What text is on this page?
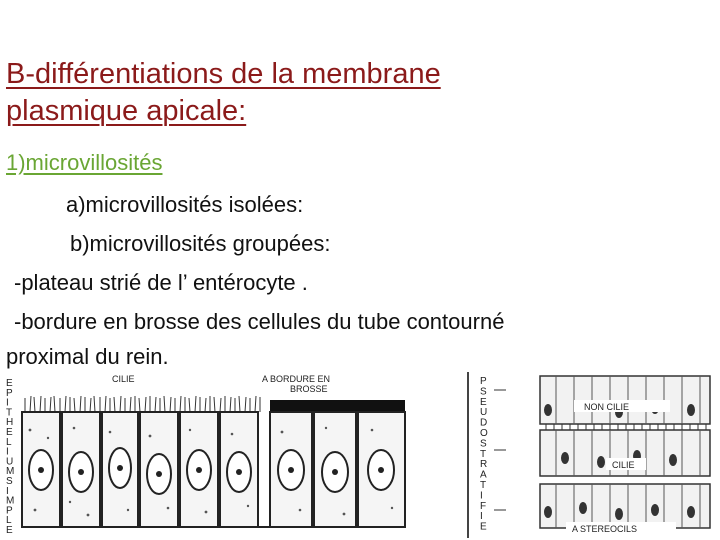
B-différentiations de la membrane
plasmique apicale:
1)microvillosités
a)microvillosités isolées:
b)microvillosités groupées:
-plateau strié de l’ entérocyte .
-bordure en brosse des cellules du tube contourné
proximal du rein.
CILIE	A BORDURE EN
BROSSE
E
P
I
T
H
E
L
I
U
M
S
I
M
P
L
E
P
S
E
U
D
O
S
T
R
A
T
I
F
I
E
NON CILIE
CILIE
A STEREOCILS
